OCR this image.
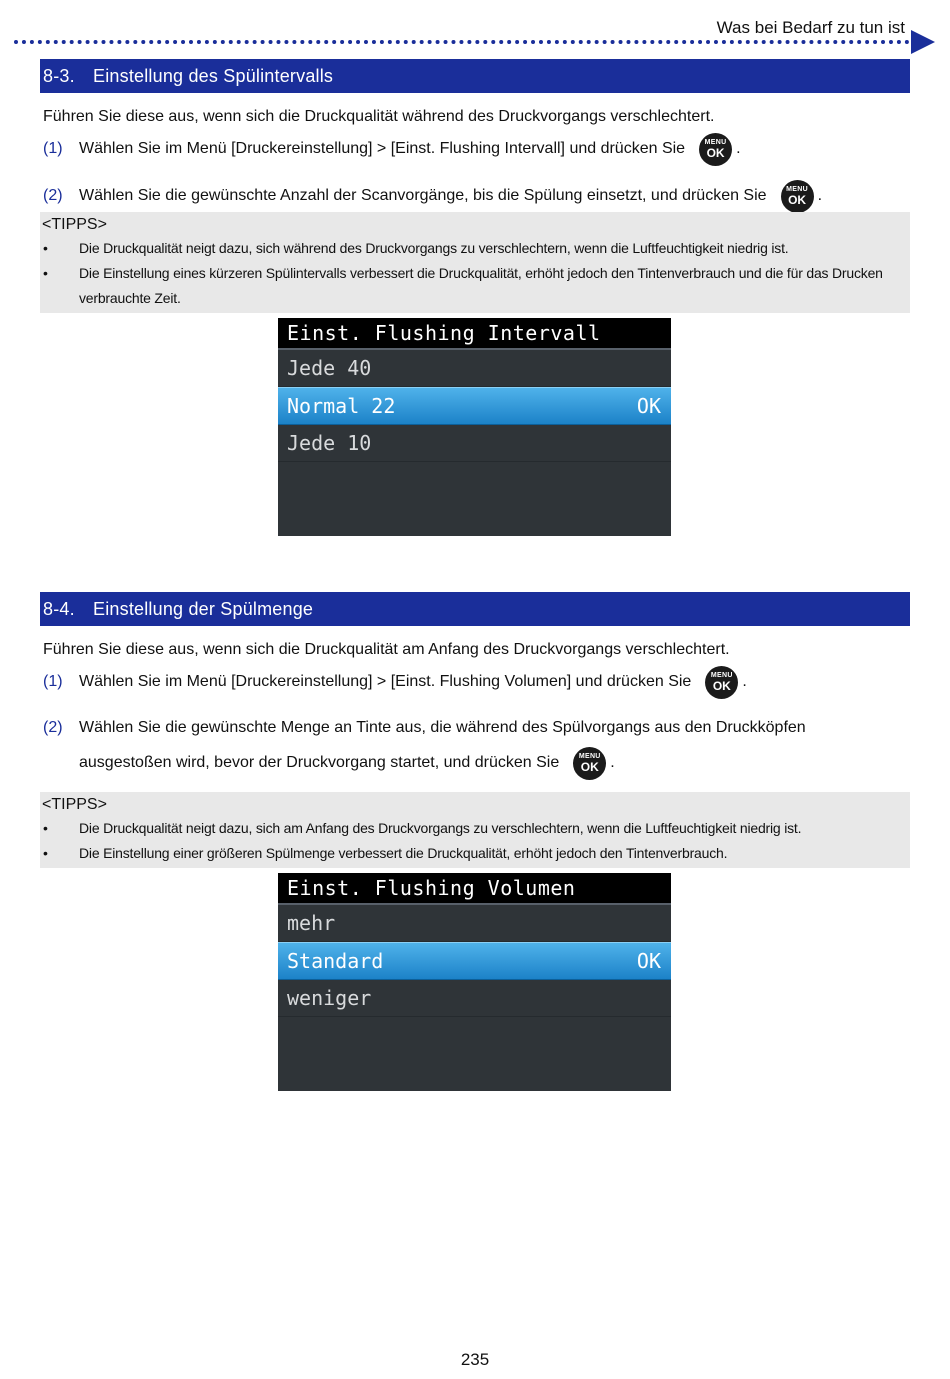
Was bei Bedarf zu tun ist
8-3.	Einstellung des Spülintervalls
Führen Sie diese aus, wenn sich die Druckqualität während des Druckvorgangs verschlechtert.
(1)	Wählen Sie im Menü [Druckereinstellung] > [Einst. Flushing Intervall] und drücken Sie	MENU
OK .
(2)	Wählen Sie die gewünschte Anzahl der Scanvorgänge, bis die Spülung einsetzt, und drücken Sie	MENU
OK .
<TIPPS>
• Die Druckqualität neigt dazu, sich während des Druckvorgangs zu verschlechtern, wenn die Luftfeuchtigkeit niedrig ist.
• Die Einstellung eines kürzeren Spülintervalls verbessert die Druckqualität, erhöht jedoch den Tintenverbrauch und die für das Drucken verbrauchte Zeit.
Einst. Flushing Intervall
Jede 40
Normal 22	OK
Jede 10
8-4.	Einstellung der Spülmenge
Führen Sie diese aus, wenn sich die Druckqualität am Anfang des Druckvorgangs verschlechtert.
(1)	Wählen Sie im Menü [Druckereinstellung] > [Einst. Flushing Volumen] und drücken Sie	MENU
OK .
(2)	Wählen Sie die gewünschte Menge an Tinte aus, die während des Spülvorgangs aus den Druckköpfen
ausgestoßen wird, bevor der Druckvorgang startet, und drücken Sie	MENU
OK .
<TIPPS>
• Die Druckqualität neigt dazu, sich am Anfang des Druckvorgangs zu verschlechtern, wenn die Luftfeuchtigkeit niedrig ist.
• Die Einstellung einer größeren Spülmenge verbessert die Druckqualität, erhöht jedoch den Tintenverbrauch.
Einst. Flushing Volumen
mehr
Standard	OK
weniger
235
